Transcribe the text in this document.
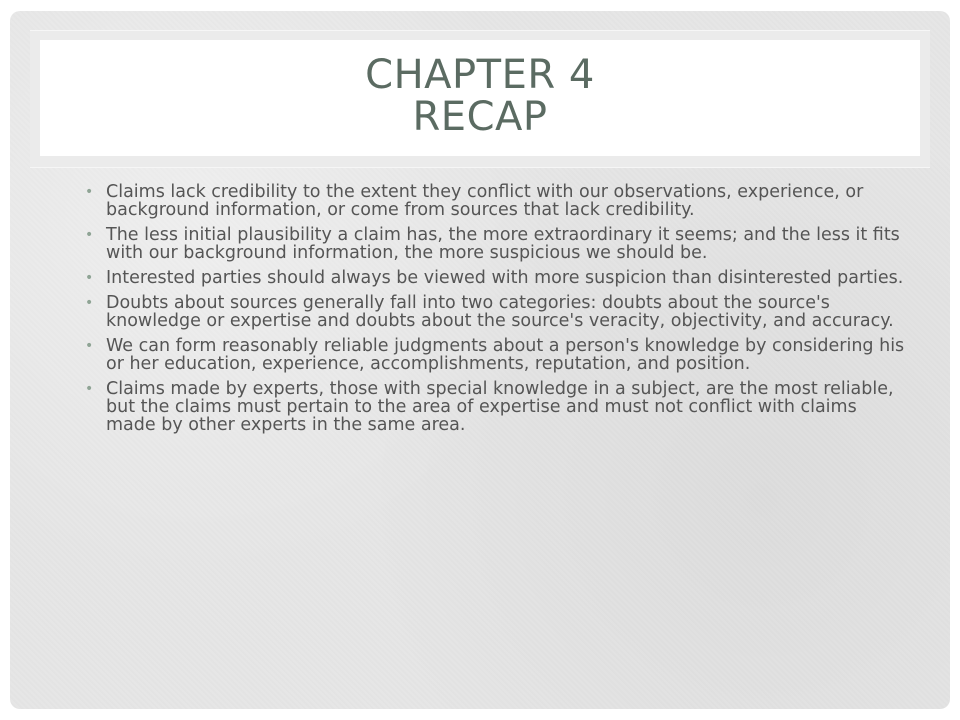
CHAPTER 4
RECAP
• Claims lack credibility to the extent they conflict with our observations, experience, or background information, or come from sources that lack credibility.
• The less initial plausibility a claim has, the more extraordinary it seems; and the less it fits with our background information, the more suspicious we should be.
• Interested parties should always be viewed with more suspicion than disinterested parties.
• Doubts about sources generally fall into two categories: doubts about the source's knowledge or expertise and doubts about the source's veracity, objectivity, and accuracy.
• We can form reasonably reliable judgments about a person's knowledge by considering his or her education, experience, accomplishments, reputation, and position.
• Claims made by experts, those with special knowledge in a subject, are the most reliable, but the claims must pertain to the area of expertise and must not conflict with claims made by other experts in the same area.
